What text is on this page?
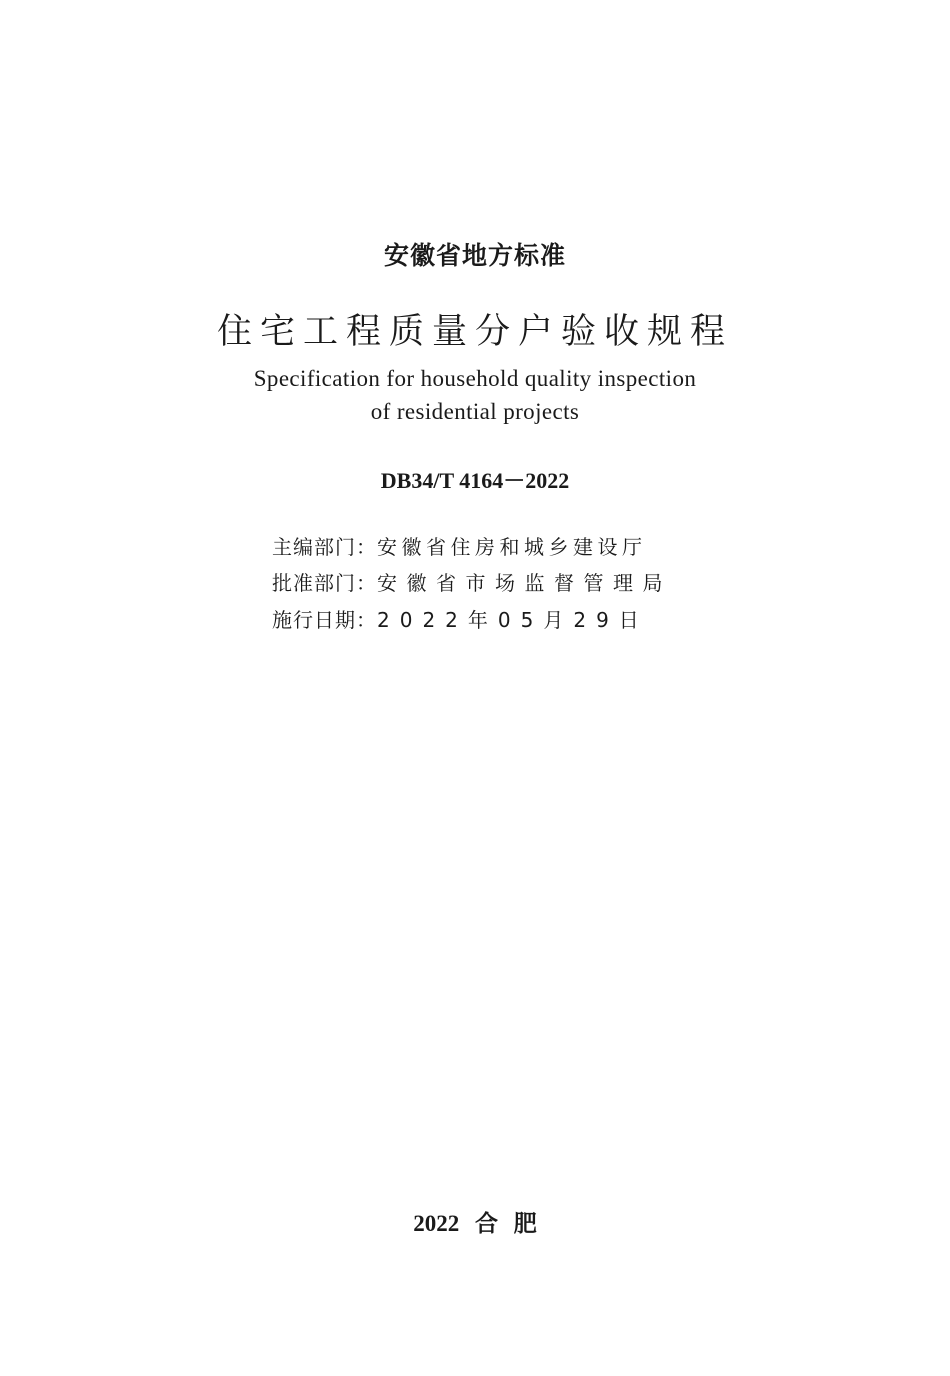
安徽省地方标准
住宅工程质量分户验收规程
Specification for household quality inspection
of residential projects
DB34/T 4164－2022
主编部门：安徽省住房和城乡建设厅
批准部门：安徽省市场监督管理局
施行日期：2022年05月29日
2022 合 肥
